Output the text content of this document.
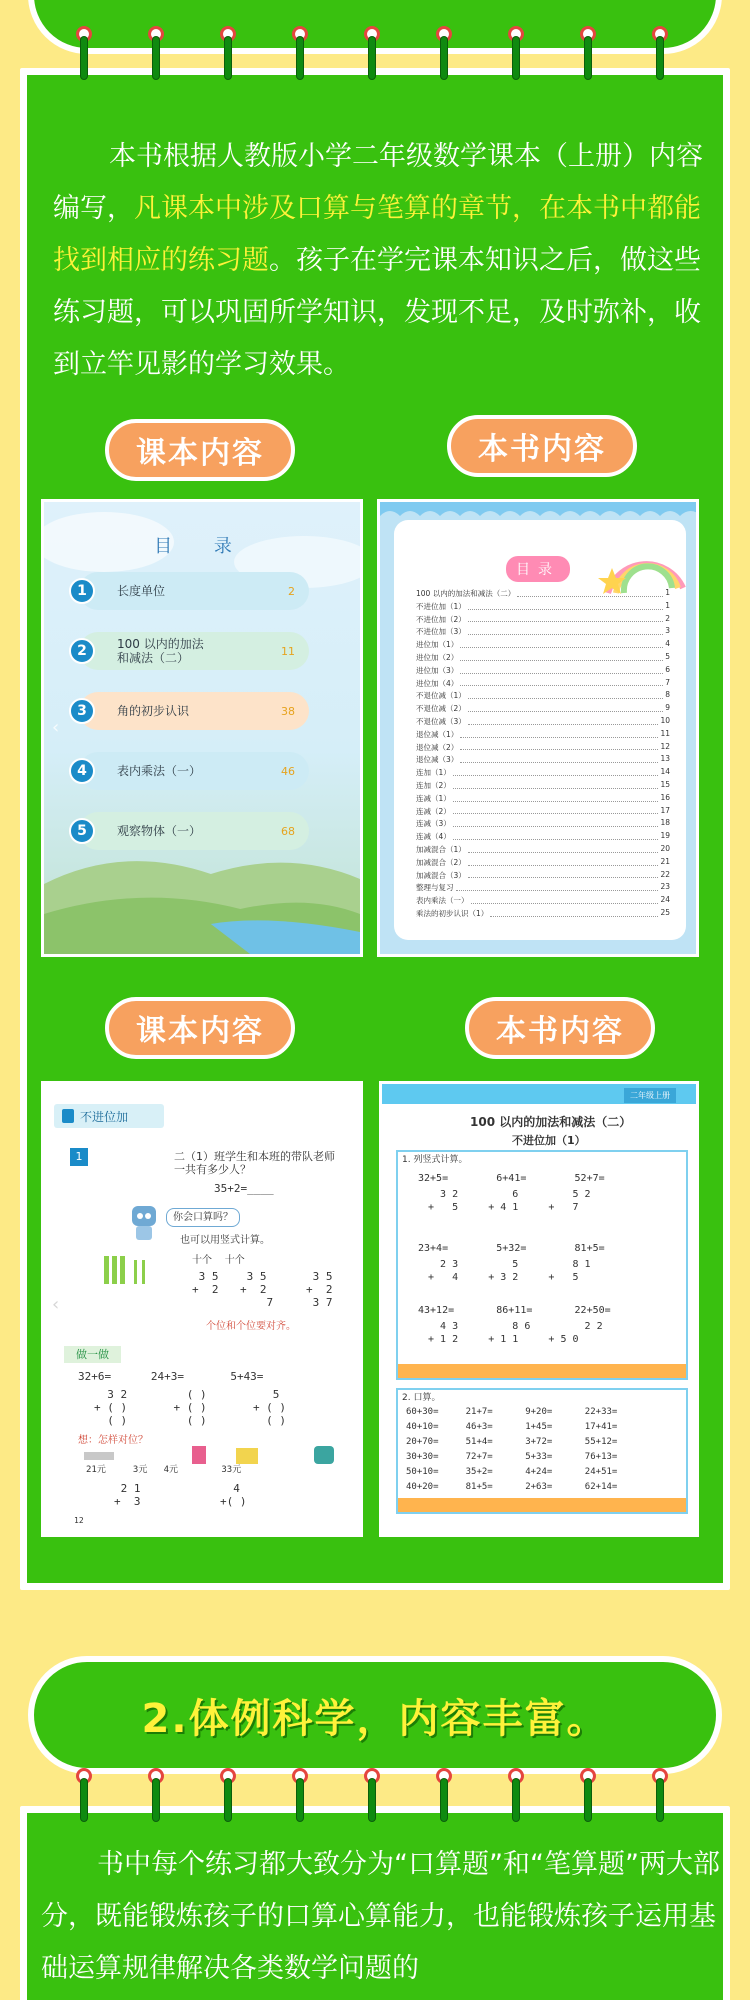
本书根据人教版小学二年级数学课本（上册）内容编写，凡课本中涉及口算与笔算的章节，在本书中都能找到相应的练习题。孩子在学完课本知识之后，做这些练习题，可以巩固所学知识，发现不足，及时弥补，收到立竿见影的学习效果。
课本内容	本书内容
目 录
1	长度单位	2
2	100 以内的加法
和减法（二）	11
3	角的初步认识	38
4	表内乘法（一）	46
5	观察物体（一）	68
‹
目录
100 以内的加法和减法（二）	1
不进位加（1）	1
不进位加（2）	2
不进位加（3）	3
进位加（1）	4
进位加（2）	5
进位加（3）	6
进位加（4）	7
不退位减（1）	8
不退位减（2）	9
不退位减（3）	10
退位减（1）	11
退位减（2）	12
退位减（3）	13
连加（1）	14
连加（2）	15
连减（1）	16
连减（2）	17
连减（3）	18
连减（4）	19
加减混合（1）	20
加减混合（2）	21
加减混合（3）	22
整理与复习	23
表内乘法（一）	24
乘法的初步认识（1）	25
课本内容	本书内容
不进位加
1	二（1）班学生和本班的带队老师
一共有多少人？
35+2=____
你会口算吗？
也可以用竖式计算。
十个    十个
3 5
+  2
3 5
+  2
7
3 5
+  2
3 7
个位和个位要对齐。
做一做
32+6=      24+3=       5+43=
3 2         ( )          5
+ ( )       + ( )       + ( )
( )         ( )         ( )
想：怎样对位？
21元     3元   4元        33元
2 1              4
+  3            +( )
12
‹
二年级上册
100 以内的加法和减法（二）
不进位加（1）
1. 列竖式计算。
32+5=        6+41=        52+7=
3 2         6         5 2
+   5     + 4 1     +   7
23+4=        5+32=        81+5=
2 3         5         8 1
+   4     + 3 2     +   5
43+12=       86+11=       22+50=
4 3         8 6         2 2
+ 1 2     + 1 1     + 5 0
2. 口算。
60+30=     21+7=      9+20=      22+33=
40+10=     46+3=      1+45=      17+41=
20+70=     51+4=      3+72=      55+12=
30+30=     72+7=      5+33=      76+13=
50+10=     35+2=      4+24=      24+51=
40+20=     81+5=      2+63=      62+14=
2.体例科学，内容丰富。
书中每个练习都大致分为“口算题”和“笔算题”两大部分，既能锻炼孩子的口算心算能力，也能锻炼孩子运用基础运算规律解决各类数学问题的
